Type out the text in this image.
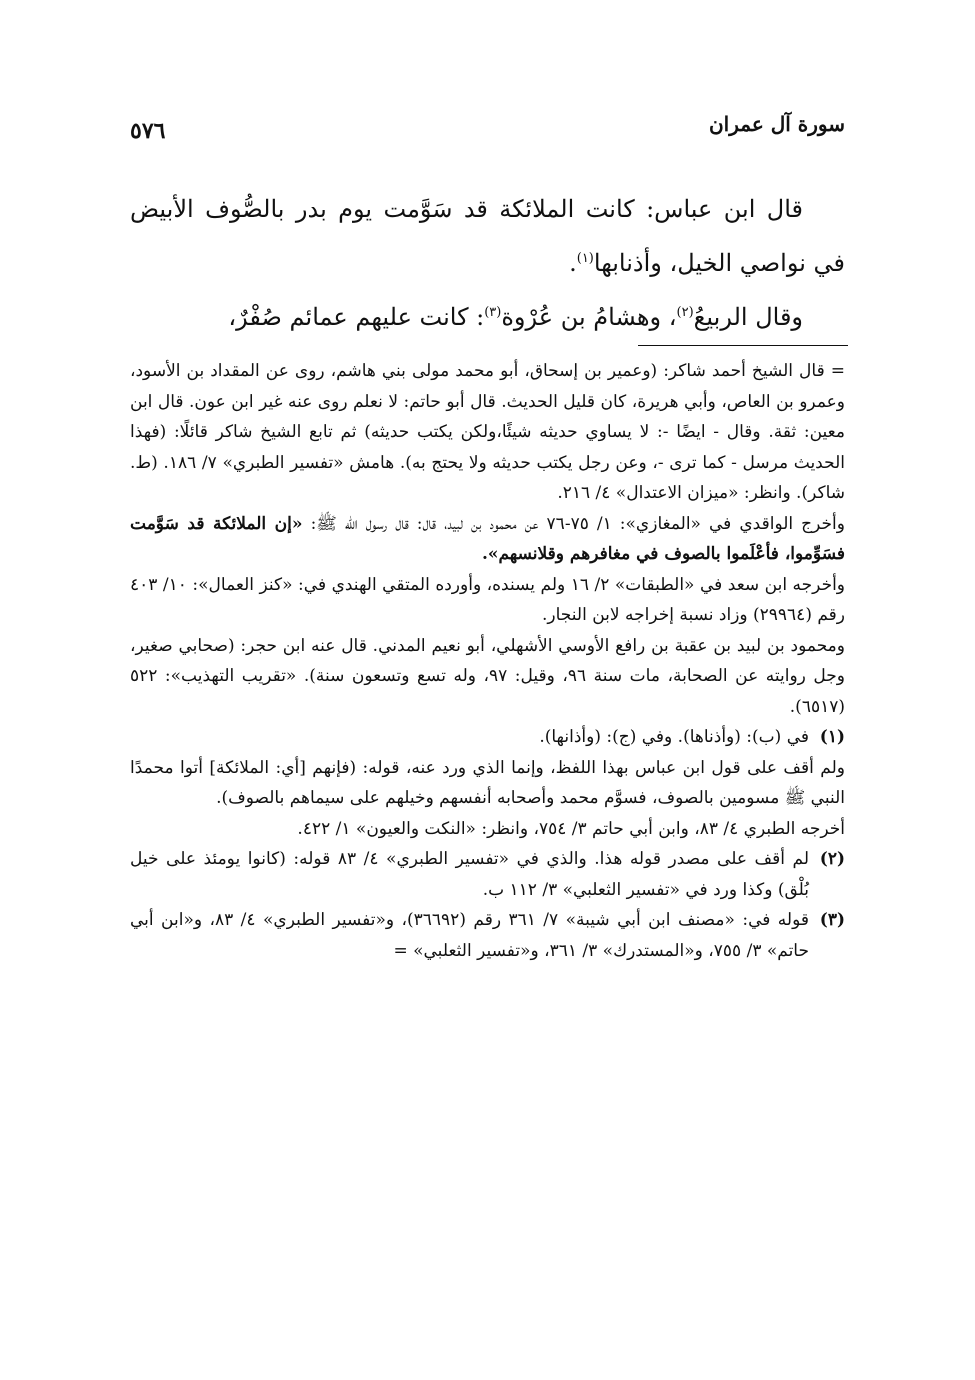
سورة آل عمران
٥٧٦

قال ابن عباس: كانت الملائكة قد سَوَّمت يوم بدر بالصُّوف الأبيض في نواصي الخيل، وأذنابها$^{(١)}$.

وقال الربيعُ$^{(٢)}$، وهشامُ بن عُرْوة$^{(٣)}$: كانت عليهم عمائم صُفْرٌ،

= قال الشيخ أحمد شاكر: (وعمير بن إسحاق، أبو محمد مولى بني هاشم، روى عن المقداد بن الأسود، وعمرو بن العاص، وأبي هريرة، كان قليل الحديث. قال أبو حاتم: لا نعلم روى عنه غير ابن عون. قال ابن معين: ثقة. وقال - ايضًا -: لا يساوي حديثه شيئًا،ولكن يكتب حديثه) ثم تابع الشيخ شاكر قائلًا: (فهذا الحديث مرسل - كما ترى -، وعن رجل يكتب حديثه ولا يحتج به). هامش «تفسير الطبري» ٧/ ١٨٦. (ط. شاكر). وانظر: «ميزان الاعتدال» ٤/ ٢١٦.

وأخرج الواقدي في «المغازي»: ١/ ٧٥-٧٦ عن محمود بن لبيد، قال: قال رسول الله ﷺ: «إن الملائكة قد سَوَّمت فسَوِّموا، فأعْلَموا بالصوف في مغافرهم وقلانسهم».

وأخرجه ابن سعد في «الطبقات» ٢/ ١٦ ولم يسنده، وأورده المتقي الهندي في: «كنز العمال»: ١٠/ ٤٠٣ رقم (٢٩٩٦٤) وزاد نسبة إخراجه لابن النجار.

ومحمود بن لبيد بن عقبة بن رافع الأوسي الأشهلي، أبو نعيم المدني. قال عنه ابن حجر: (صحابي صغير، وجل روايته عن الصحابة، مات سنة ٩٦، وقيل: ٩٧، وله تسع وتسعون سنة). «تقريب التهذيب»: ٥٢٢ (٦٥١٧).

(١)
في (ب): (وأذناها). وفي (ج): (وأذانها).

ولم أقف على قول ابن عباس بهذا اللفظ، وإنما الذي ورد عنه، قوله: (فإنهم [أي: الملائكة] أتوا محمدًا النبي ﷺ مسومين بالصوف، فسوَّم محمد وأصحابه أنفسهم وخيلهم على سيماهم بالصوف).

أخرجه الطبري ٤/ ٨٣، وابن أبي حاتم ٣/ ٧٥٤، وانظر: «النكت والعيون» ١/ ٤٢٢.

(٢)
لم أقف على مصدر قوله هذا. والذي في «تفسير الطبري» ٤/ ٨٣ قوله: (كانوا يومئذ على خيل بُلْق) وكذا ورد في «تفسير الثعلبي» ٣/ ١١٢ ب.
(٣)
قوله في: «مصنف ابن أبي شيبة» ٧/ ٣٦١ رقم (٣٦٦٩٢)، و«تفسير الطبري» ٤/ ٨٣، و«ابن أبي حاتم» ٣/ ٧٥٥، و«المستدرك» ٣/ ٣٦١، و«تفسير الثعلبي» =
